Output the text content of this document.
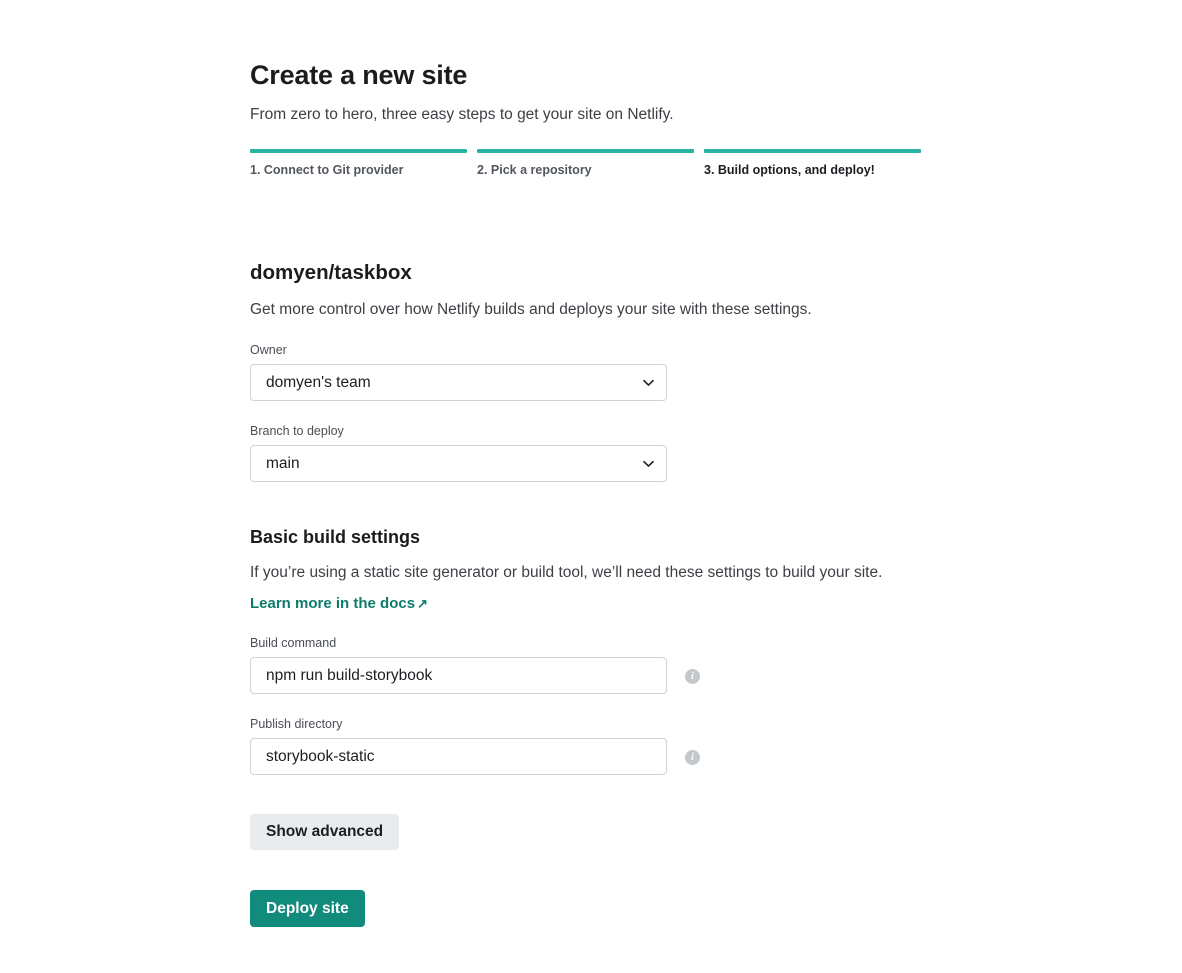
Create a new site

From zero to hero, three easy steps to get your site on Netlify.

1. Connect to Git provider	2. Pick a repository	3. Build options, and deploy!
domyen/taskbox

Get more control over how Netlify builds and deploys your site with these settings.

Owner
domyen's team
Branch to deploy
main
Basic build settings

If you’re using a static site generator or build tool, we’ll need these settings to build your site.

Learn more in the docs ↗
Build command
npm run build-storybook
i
Publish directory
storybook-static
i
Show advanced
Deploy site
